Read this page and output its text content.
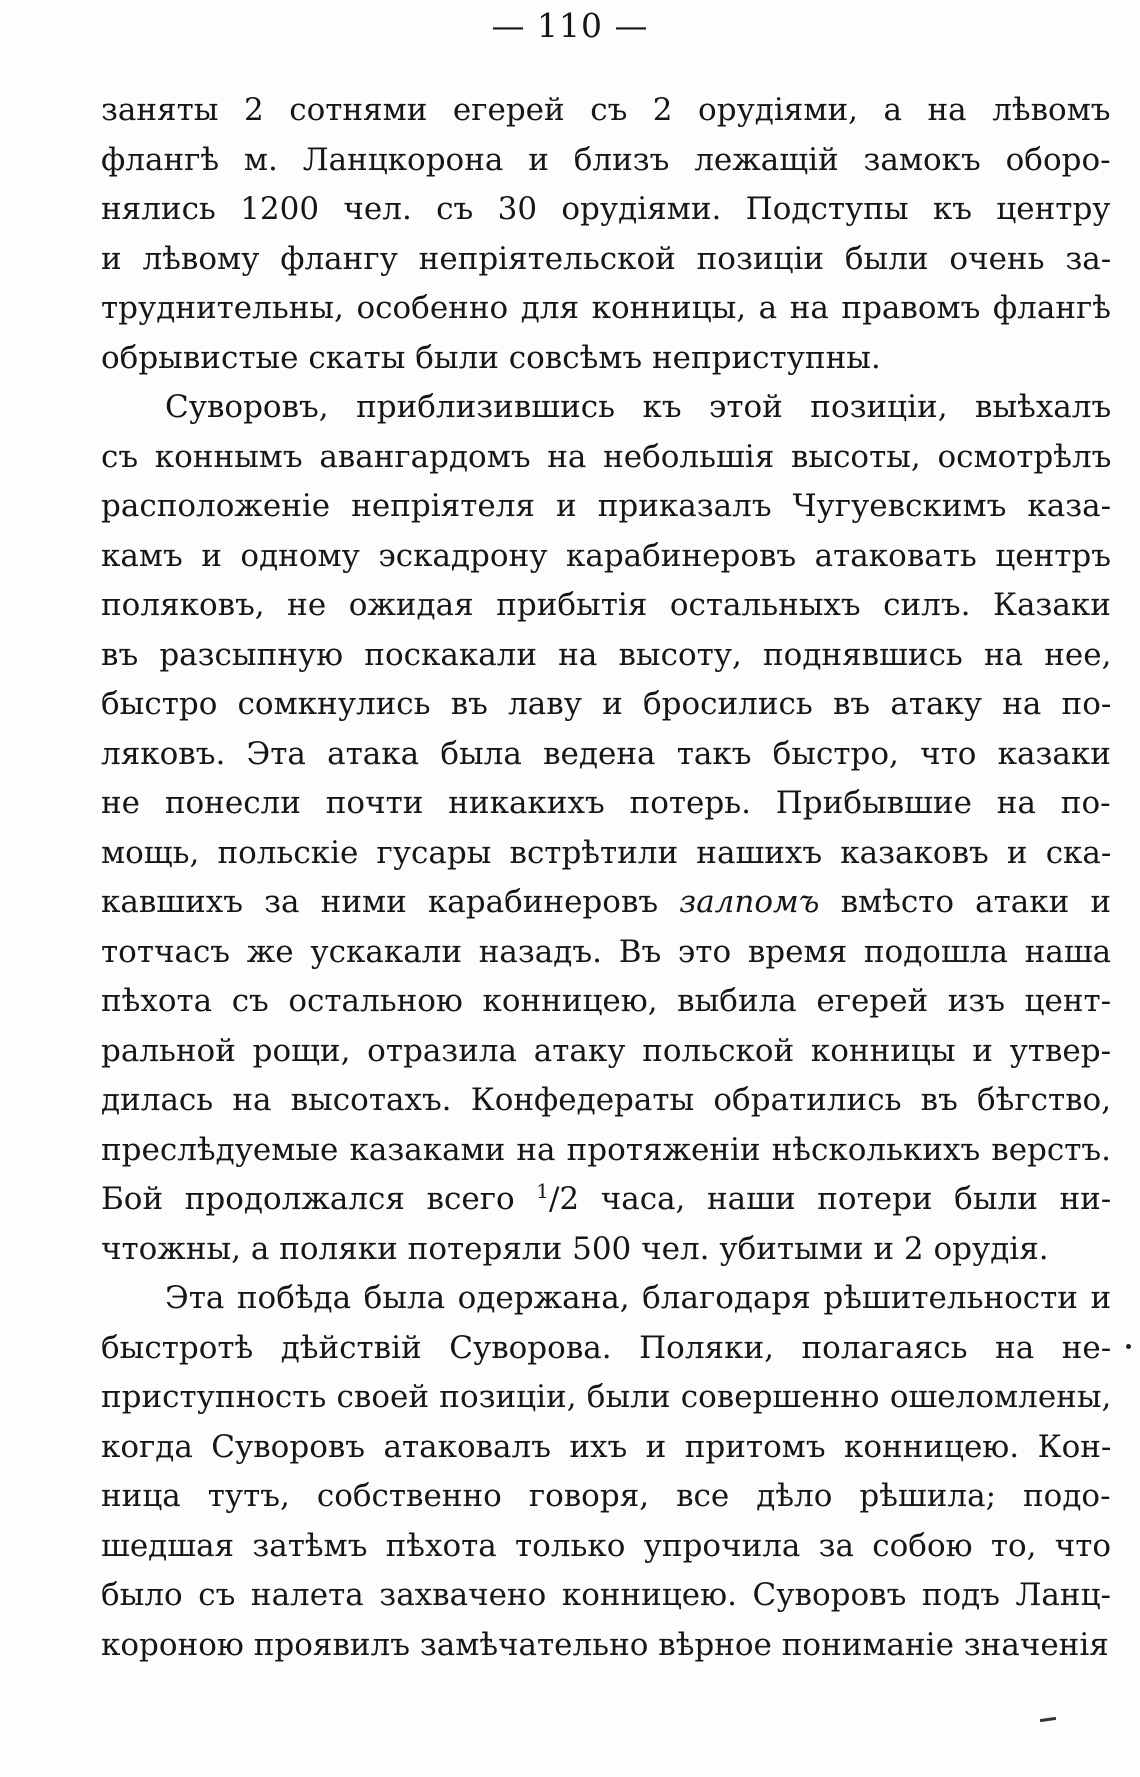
— 110 —
заняты 2 сотнями егерей съ 2 орудіями, а на лѣвомъ
флангѣ м. Ланцкорона и близъ лежащій замокъ оборо-
нялись 1200 чел. съ 30 орудіями. Подступы къ центру
и лѣвому флангу непріятельской позиціи были очень за-
труднительны, особенно для конницы, а на правомъ флангѣ
обрывистые скаты были совсѣмъ неприступны.
Суворовъ, приблизившись къ этой позиціи, выѣхалъ
съ коннымъ авангардомъ на небольшія высоты, осмотрѣлъ
расположеніе непріятеля и приказалъ Чугуевскимъ каза-
камъ и одному эскадрону карабинеровъ атаковать центръ
поляковъ, не ожидая прибытія остальныхъ силъ. Казаки
въ разсыпную поскакали на высоту, поднявшись на нее,
быстро сомкнулись въ лаву и бросились въ атаку на по-
ляковъ. Эта атака была ведена такъ быстро, что казаки
не понесли почти никакихъ потерь. Прибывшие на по-
мощь, польскіе гусары встрѣтили нашихъ казаковъ и ска-
кавшихъ за ними карабинеровъ залпомъ вмѣсто атаки и
тотчасъ же ускакали назадъ. Въ это время подошла наша
пѣхота съ остальною конницею, выбила егерей изъ цент-
ральной рощи, отразила атаку польской конницы и утвер-
дилась на высотахъ. Конфедераты обратились въ бѣгство,
преслѣдуемые казаками на протяженіи нѣсколькихъ верстъ.
Бой продолжался всего $^1$/2 часа, наши потери были ни-
чтожны, а поляки потеряли 500 чел. убитыми и 2 орудія.
Эта побѣда была одержана, благодаря рѣшительности и
быстротѣ дѣйствій Суворова. Поляки, полагаясь на не-
приступность своей позиціи, были совершенно ошеломлены,
когда Суворовъ атаковалъ ихъ и притомъ конницею. Кон-
ница тутъ, собственно говоря, все дѣло рѣшила; подо-
шедшая затѣмъ пѣхота только упрочила за собою то, что
было съ налета захвачено конницею. Суворовъ подъ Ланц-
короною проявилъ замѣчательно вѣрное пониманіе значенія
